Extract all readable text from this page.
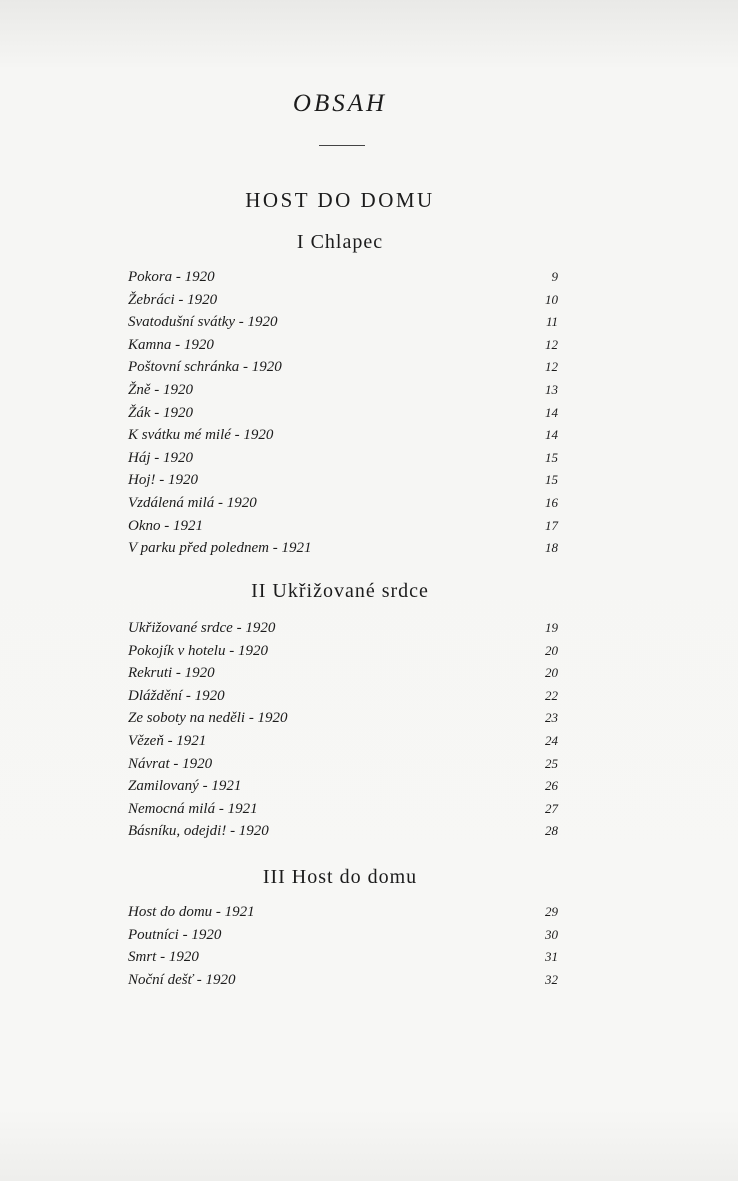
OBSAH
HOST DO DOMU
I Chlapec
Pokora - 1920	9
Žebráci - 1920	10
Svatodušní svátky - 1920	11
Kamna - 1920	12
Poštovní schránka - 1920	12
Žně - 1920	13
Žák - 1920	14
K svátku mé milé - 1920	14
Háj - 1920	15
Hoj! - 1920	15
Vzdálená milá - 1920	16
Okno - 1921	17
V parku před polednem - 1921	18
II Ukřižované srdce
Ukřižované srdce - 1920	19
Pokojík v hotelu - 1920	20
Rekruti - 1920	20
Dláždění - 1920	22
Ze soboty na neděli - 1920	23
Vězeň - 1921	24
Návrat - 1920	25
Zamilovaný - 1921	26
Nemocná milá - 1921	27
Básníku, odejdi! - 1920	28
III Host do domu
Host do domu - 1921	29
Poutníci - 1920	30
Smrt - 1920	31
Noční dešť - 1920	32
